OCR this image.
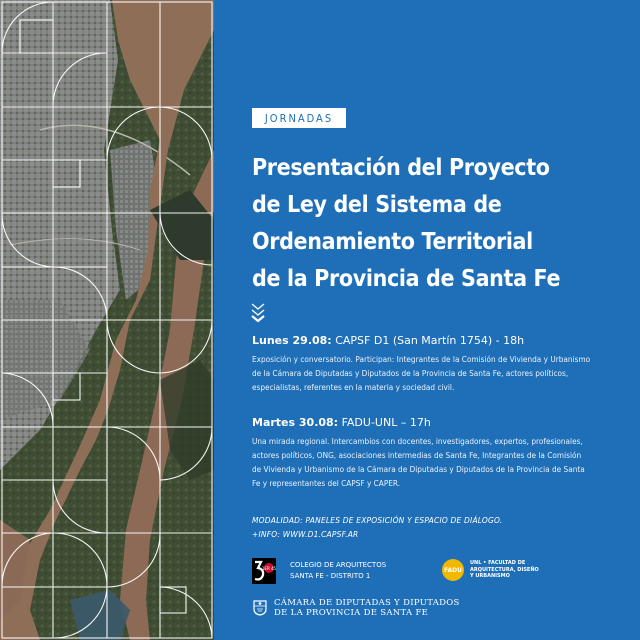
JORNADAS
Presentación del Proyecto
de Ley del Sistema de
Ordenamiento Territorial
de la Provincia de Santa Fe

Lunes 29.08: CAPSF D1 (San Martín 1754) - 18h

Exposición y conversatorio. Participan: Integrantes de la Comisión de Vivienda y Urbanismo de la Cámara de Diputadas y Diputados de la Provincia de Santa Fe, actores políticos, especialistas, referentes en la materia y sociedad civil.

Martes 30.08: FADU-UNL – 17h

Una mirada regional. Intercambios con docentes, investigadores, expertos, profesionales, actores políticos, ONG, asociaciones intermedias de Santa Fe, Integrantes de la Comisión de Vivienda y Urbanismo de la Cámara de Diputadas y Diputados de la Provincia de Santa Fe y representantes del CAPSF y CAPER.

MODALIDAD: PANELES DE EXPOSICIÓN Y ESPACIO DE DIÁLOGO.
+INFO: WWW.D1.CAPSF.AR
1ER 45 COLEGIO DE ARQUITECTOS
SANTA FE - DISTRITO 1
FADU
UNL • FACULTAD DE
ARQUITECTURA, DISEÑO
Y URBANISMO
CÁMARA DE DIPUTADAS Y DIPUTADOS
DE LA PROVINCIA DE SANTA FE
